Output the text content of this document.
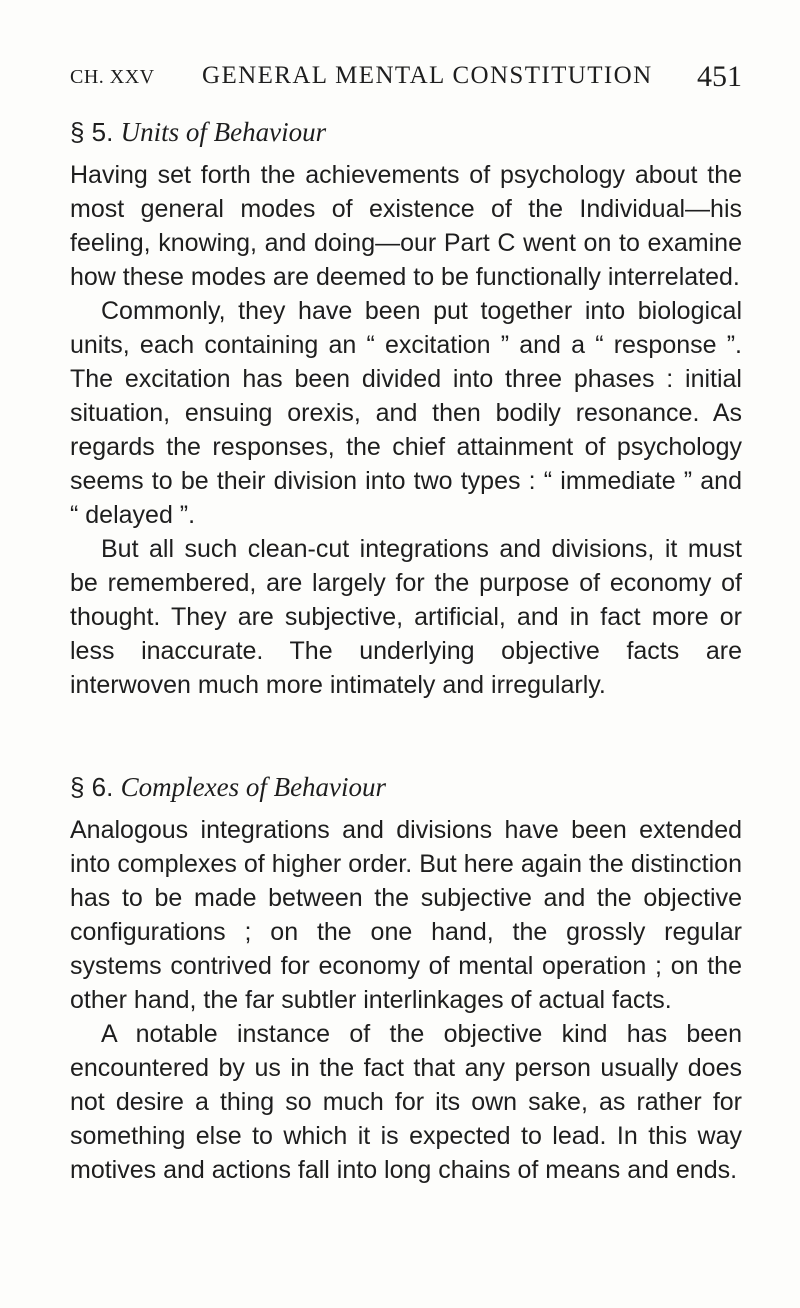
CH. XXV GENERAL MENTAL CONSTITUTION 451
§ 5. Units of Behaviour

Having set forth the achievements of psychology about the most general modes of existence of the Individual—his feeling, knowing, and doing—our Part C went on to examine how these modes are deemed to be functionally interrelated.

Commonly, they have been put together into biological units, each containing an “ excitation ” and a “ response ”. The excitation has been divided into three phases : initial situation, ensuing orexis, and then bodily resonance. As regards the responses, the chief attainment of psychology seems to be their division into two types : “ immediate ” and “ delayed ”.

But all such clean-cut integrations and divisions, it must be remembered, are largely for the purpose of economy of thought. They are subjective, artificial, and in fact more or less inaccurate. The underlying objective facts are interwoven much more intimately and irregularly.

§ 6. Complexes of Behaviour

Analogous integrations and divisions have been extended into complexes of higher order. But here again the distinction has to be made between the subjective and the objective configurations ; on the one hand, the grossly regular systems contrived for economy of mental operation ; on the other hand, the far subtler interlinkages of actual facts.

A notable instance of the objective kind has been encountered by us in the fact that any person usually does not desire a thing so much for its own sake, as rather for something else to which it is expected to lead. In this way motives and actions fall into long chains of means and ends.
